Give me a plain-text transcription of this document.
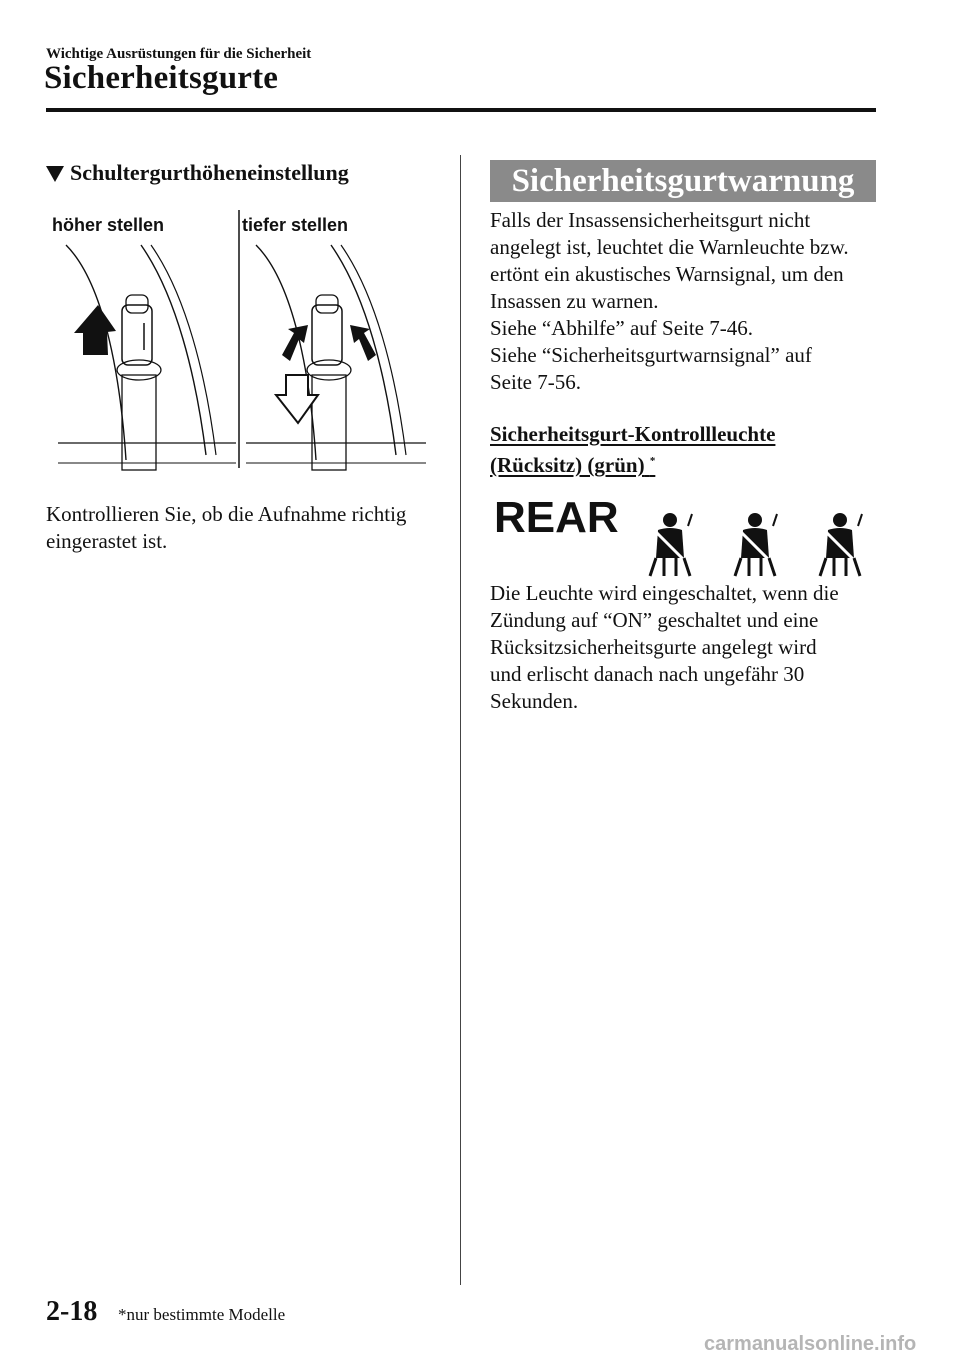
Wichtige Ausrüstungen für die Sicherheit
Sicherheitsgurte
Schultergurthöheneinstellung
höher stellen	tiefer stellen
Kontrollieren Sie, ob die Aufnahme richtig eingerastet ist.
Sicherheitsgurtwarnung
Falls der Insassensicherheitsgurt nicht
angelegt ist, leuchtet die Warnleuchte bzw.
ertönt ein akustisches Warnsignal, um den
Insassen zu warnen.
Siehe “Abhilfe” auf Seite 7-46.
Siehe “Sicherheitsgurtwarnsignal” auf
Seite 7-56.
Sicherheitsgurt-Kontrollleuchte
(Rücksitz) (grün) *
REAR
Die Leuchte wird eingeschaltet, wenn die
Zündung auf “ON” geschaltet und eine
Rücksitzsicherheitsgurte angelegt wird
und erlischt danach nach ungefähr 30
Sekunden.
2-18 *nur bestimmte Modelle
carmanualsonline.info
